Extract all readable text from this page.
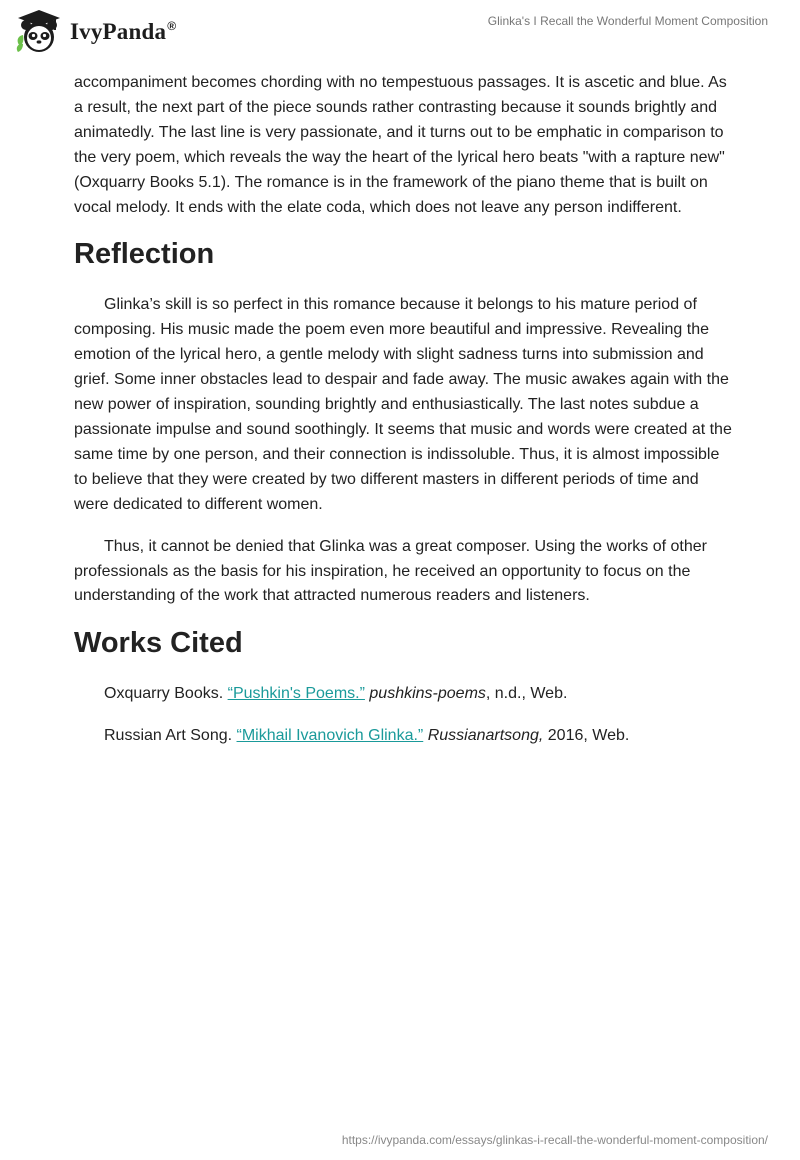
IvyPanda®	Glinka's I Recall the Wonderful Moment Composition

accompaniment becomes chording with no tempestuous passages. It is ascetic and blue. As a result, the next part of the piece sounds rather contrasting because it sounds brightly and animatedly. The last line is very passionate, and it turns out to be emphatic in comparison to the very poem, which reveals the way the heart of the lyrical hero beats "with a rapture new" (Oxquarry Books 5.1). The romance is in the framework of the piano theme that is built on vocal melody. It ends with the elate coda, which does not leave any person indifferent.

Reflection

Glinka’s skill is so perfect in this romance because it belongs to his mature period of composing. His music made the poem even more beautiful and impressive. Revealing the emotion of the lyrical hero, a gentle melody with slight sadness turns into submission and grief. Some inner obstacles lead to despair and fade away. The music awakes again with the new power of inspiration, sounding brightly and enthusiastically. The last notes subdue a passionate impulse and sound soothingly. It seems that music and words were created at the same time by one person, and their connection is indissoluble. Thus, it is almost impossible to believe that they were created by two different masters in different periods of time and were dedicated to different women.

Thus, it cannot be denied that Glinka was a great composer. Using the works of other professionals as the basis for his inspiration, he received an opportunity to focus on the understanding of the work that attracted numerous readers and listeners.

Works Cited
Oxquarry Books. “Pushkin's Poems.” pushkins-poems, n.d., Web.
Russian Art Song. “Mikhail Ivanovich Glinka.” Russianartsong, 2016, Web.
https://ivypanda.com/essays/glinkas-i-recall-the-wonderful-moment-composition/
